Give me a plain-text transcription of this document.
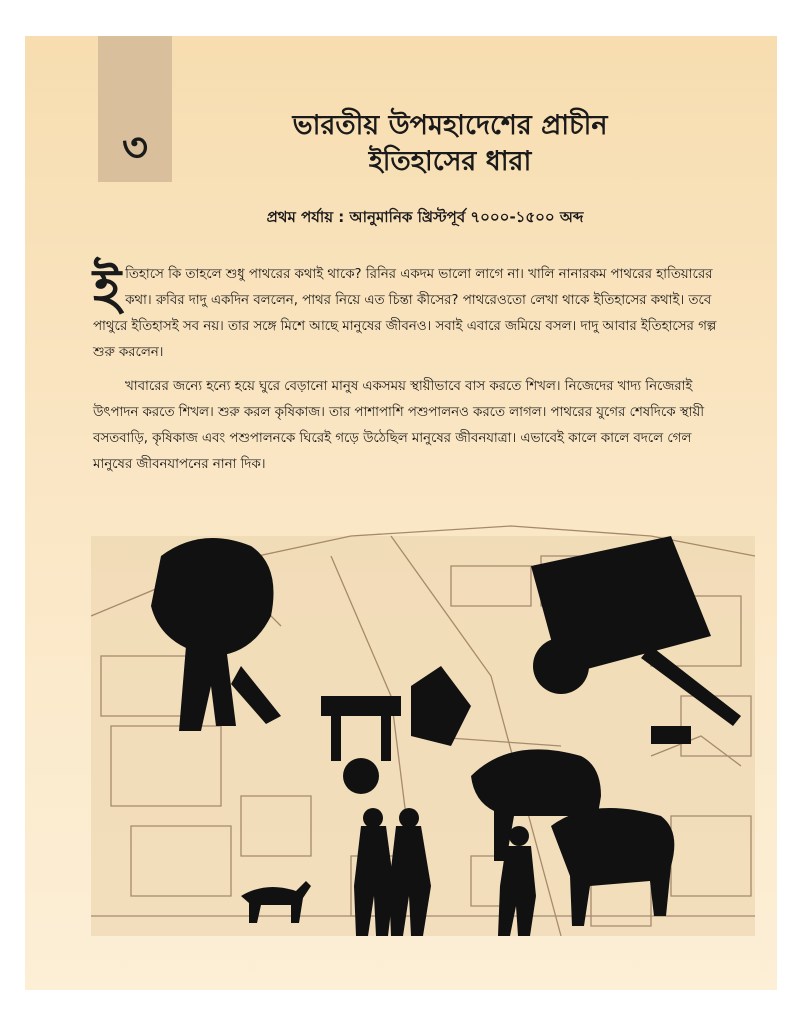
৩	ভারতীয় উপমহাদেশের প্রাচীন
ইতিহাসের ধারা
প্রথম পর্যায় : আনুমানিক খ্রিস্টপূর্ব ৭০০০-১৫০০ অব্দ

ইতিহাসে কি তাহলে শুধু পাথরের কথাই থাকে? রিনির একদম ভালো লাগে না। খালি নানারকম পাথরের হাতিয়ারের কথা। রুবির দাদু একদিন বললেন, পাথর নিয়ে এত চিন্তা কীসের? পাথরেওতো লেখা থাকে ইতিহাসের কথাই। তবে পাথুরে ইতিহাসই সব নয়। তার সঙ্গে মিশে আছে মানুষের জীবনও। সবাই এবারে জমিয়ে বসল। দাদু আবার ইতিহাসের গল্প শুরু করলেন।

খাবারের জন্যে হন্যে হয়ে ঘুরে বেড়ানো মানুষ একসময় স্থায়ীভাবে বাস করতে শিখল। নিজেদের খাদ্য নিজেরাই উৎপাদন করতে শিখল। শুরু করল কৃষিকাজ। তার পাশাপাশি পশুপালনও করতে লাগল। পাথরের যুগের শেষদিকে স্থায়ী বসতবাড়ি, কৃষিকাজ এবং পশুপালনকে ঘিরেই গড়ে উঠেছিল মানুষের জীবনযাত্রা। এভাবেই কালে কালে বদলে গেল মানুষের জীবনযাপনের নানা দিক।
